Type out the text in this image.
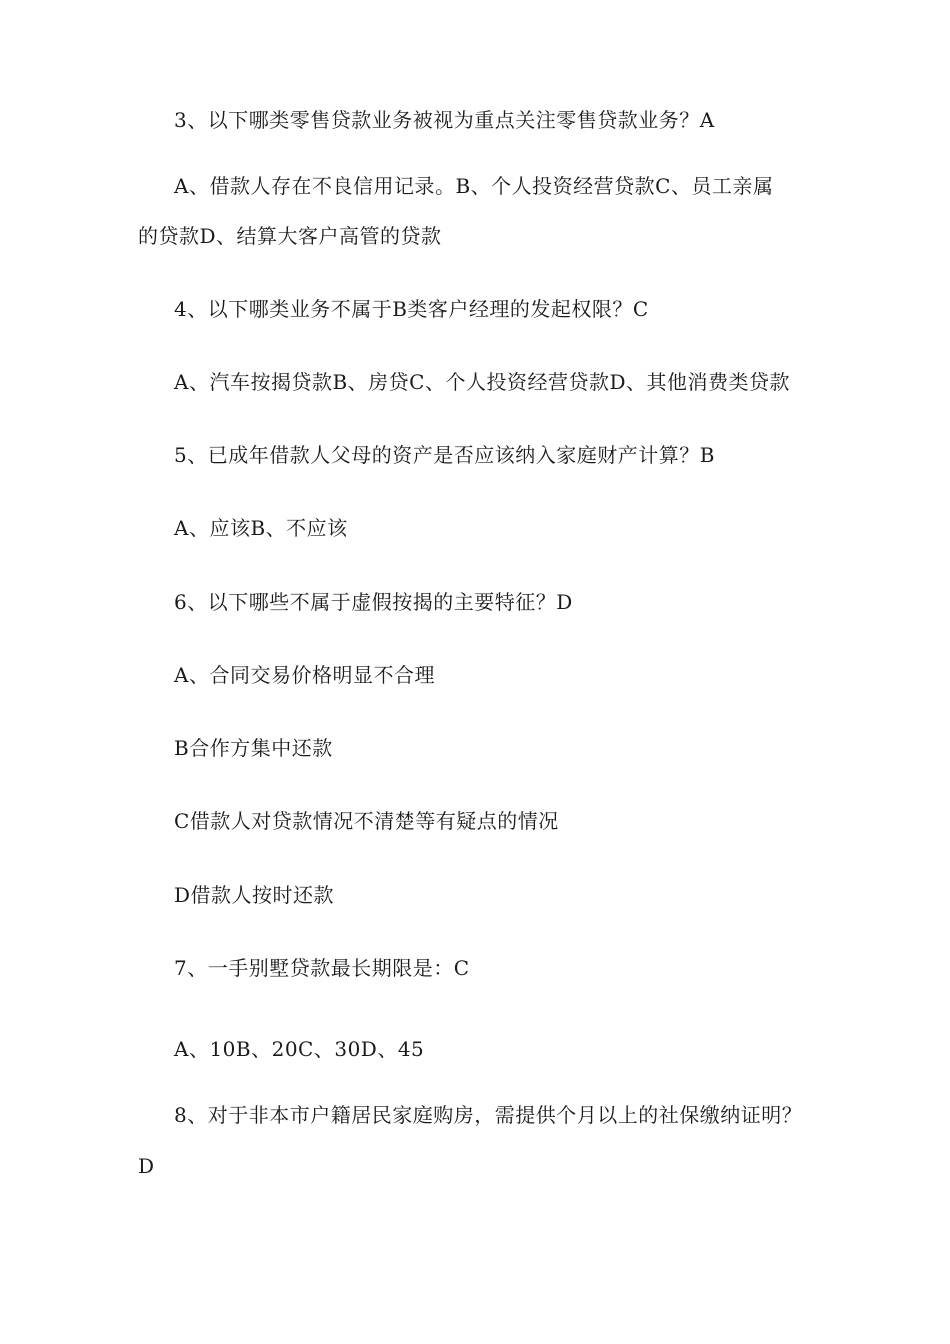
3、以下哪类零售贷款业务被视为重点关注零售贷款业务？A
A、借款人存在不良信用记录。B、个人投资经营贷款C、员工亲属
的贷款D、结算大客户高管的贷款
4、以下哪类业务不属于B类客户经理的发起权限？C
A、汽车按揭贷款B、房贷C、个人投资经营贷款D、其他消费类贷款
5、已成年借款人父母的资产是否应该纳入家庭财产计算？B
A、应该B、不应该
6、以下哪些不属于虚假按揭的主要特征？D
A、合同交易价格明显不合理
B合作方集中还款
C借款人对贷款情况不清楚等有疑点的情况
D借款人按时还款
7、一手别墅贷款最长期限是：C
A、10B、20C、30D、45
8、对于非本市户籍居民家庭购房，需提供个月以上的社保缴纳证明？
D
